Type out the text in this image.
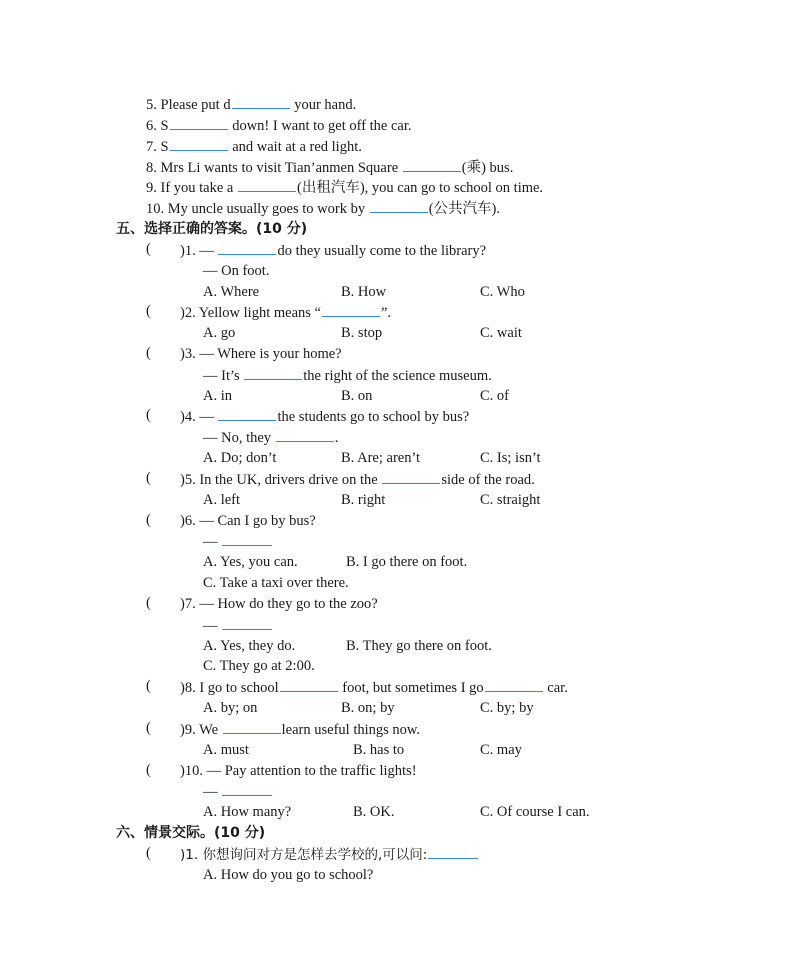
5. Please put d	your hand.
6. S	down! I want to get off the car.
7. S	and wait at a red light.
8. Mrs Li wants to visit Tian’anmen Square	(乘) bus.
9. If you take a	(出租汽车), you can go to school on time.
10. My uncle usually goes to work by	(公共汽车).
五、选择正确的答案。(10 分)
( )1. —	do they usually come to the library?
— On foot.
A. Where	B. How	C. Who
( )2. Yellow light means “	”.
A. go	B. stop	C. wait
( )3. — Where is your home?
— It’s	the right of the science museum.
A. in	B. on	C. of
( )4. —	the students go to school by bus?
— No, they	.
A. Do; don’t	B. Are; aren’t	C. Is; isn’t
( )5. In the UK, drivers drive on the	side of the road.
A. left	B. right	C. straight
( )6. — Can I go by bus?
—
A. Yes, you can.	B. I go there on foot.
C. Take a taxi over there.
( )7. — How do they go to the zoo?
—
A. Yes, they do.	B. They go there on foot.
C. They go at 2:00.
( )8. I go to school	foot, but sometimes I go	car.
A. by; on	B. on; by	C. by; by
( )9. We	learn useful things now.
A. must	B. has to	C. may
( )10. — Pay attention to the traffic lights!
—
A. How many?	B. OK.	C. Of course I can.
六、情景交际。(10 分)
( )1. 你想询问对方是怎样去学校的,可以问:
A. How do you go to school?
